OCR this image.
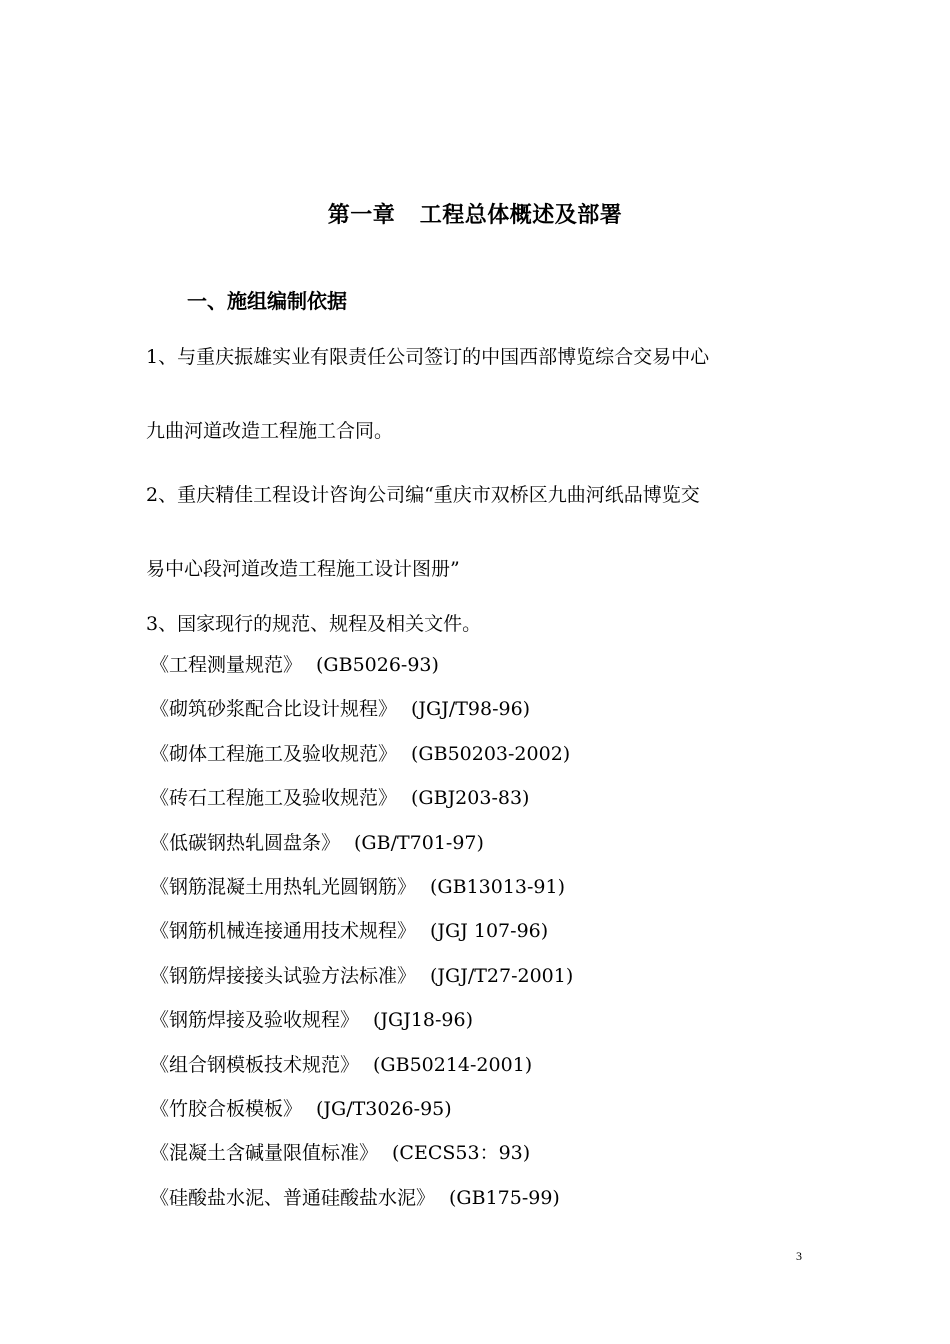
第一章   工程总体概述及部署
一、施组编制依据
1、与重庆振雄实业有限责任公司签订的中国西部博览综合交易中心
九曲河道改造工程施工合同。
2、重庆精佳工程设计咨询公司编“重庆市双桥区九曲河纸品博览交
易中心段河道改造工程施工设计图册”
3、国家现行的规范、规程及相关文件。
《工程测量规范》 (GB5026-93)
《砌筑砂浆配合比设计规程》 (JGJ/T98-96)
《砌体工程施工及验收规范》 (GB50203-2002)
《砖石工程施工及验收规范》 (GBJ203-83)
《低碳钢热轧圆盘条》 (GB/T701-97)
《钢筋混凝土用热轧光圆钢筋》 (GB13013-91)
《钢筋机械连接通用技术规程》 (JGJ 107-96)
《钢筋焊接接头试验方法标准》 (JGJ/T27-2001)
《钢筋焊接及验收规程》 (JGJ18-96)
《组合钢模板技术规范》 (GB50214-2001)
《竹胶合板模板》 (JG/T3026-95)
《混凝土含碱量限值标准》 (CECS53：93)
《硅酸盐水泥、普通硅酸盐水泥》 (GB175-99)
3
